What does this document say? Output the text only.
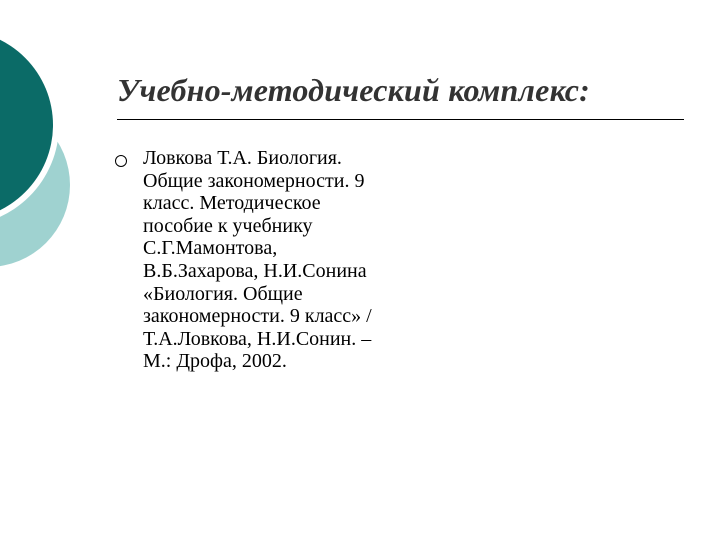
Учебно-методический комплекс:
Ловкова Т.А. Биология. Общие закономерности. 9 класс. Методическое пособие к учебнику С.Г.Мамонтова, В.Б.Захарова, Н.И.Сонина «Биология. Общие закономерности. 9 класс» / Т.А.Ловкова, Н.И.Сонин. – М.: Дрофа, 2002.
